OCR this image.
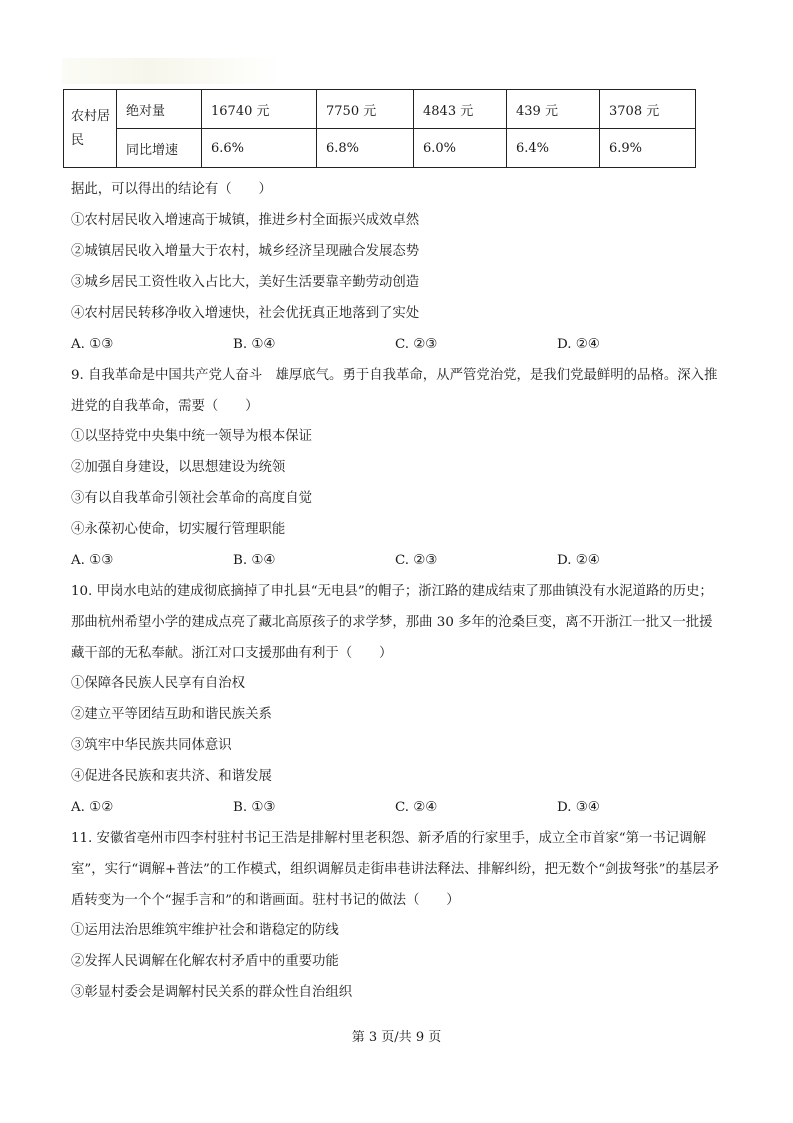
农村居民	绝对量	16740 元	7750 元	4843 元	439 元	3708 元
	同比增速	6.6%	6.8%	6.0%	6.4%	6.9%
据此，可以得出的结论有（　　）
①农村居民收入增速高于城镇，推进乡村全面振兴成效卓然
②城镇居民收入增量大于农村，城乡经济呈现融合发展态势
③城乡居民工资性收入占比大，美好生活要靠辛勤劳动创造
④农村居民转移净收入增速快，社会优抚真正地落到了实处
A. ①③	B. ①④	C. ②③	D. ②④
9. 自我革命是中国共产党人奋斗　雄厚底气。勇于自我革命，从严管党治党，是我们党最鲜明的品格。深入推进党的自我革命，需要（　　）
①以坚持党中央集中统一领导为根本保证
②加强自身建设，以思想建设为统领
③有以自我革命引领社会革命的高度自觉
④永葆初心使命，切实履行管理职能
A. ①③	B. ①④	C. ②③	D. ②④
10. 甲岗水电站的建成彻底摘掉了申扎县“无电县”的帽子；浙江路的建成结束了那曲镇没有水泥道路的历史；那曲杭州希望小学的建成点亮了藏北高原孩子的求学梦，那曲 30 多年的沧桑巨变，离不开浙江一批又一批援藏干部的无私奉献。浙江对口支援那曲有利于（　　）
①保障各民族人民享有自治权
②建立平等团结互助和谐民族关系
③筑牢中华民族共同体意识
④促进各民族和衷共济、和谐发展
A. ①②	B. ①③	C. ②④	D. ③④
11. 安徽省亳州市四李村驻村书记王浩是排解村里老积怨、新矛盾的行家里手，成立全市首家“第一书记调解室”，实行“调解+普法”的工作模式，组织调解员走街串巷讲法释法、排解纠纷，把无数个“剑拔弩张”的基层矛盾转变为一个个“握手言和”的和谐画面。驻村书记的做法（　　）
①运用法治思维筑牢维护社会和谐稳定的防线
②发挥人民调解在化解农村矛盾中的重要功能
③彰显村委会是调解村民关系的群众性自治组织
第 3 页/共 9 页
